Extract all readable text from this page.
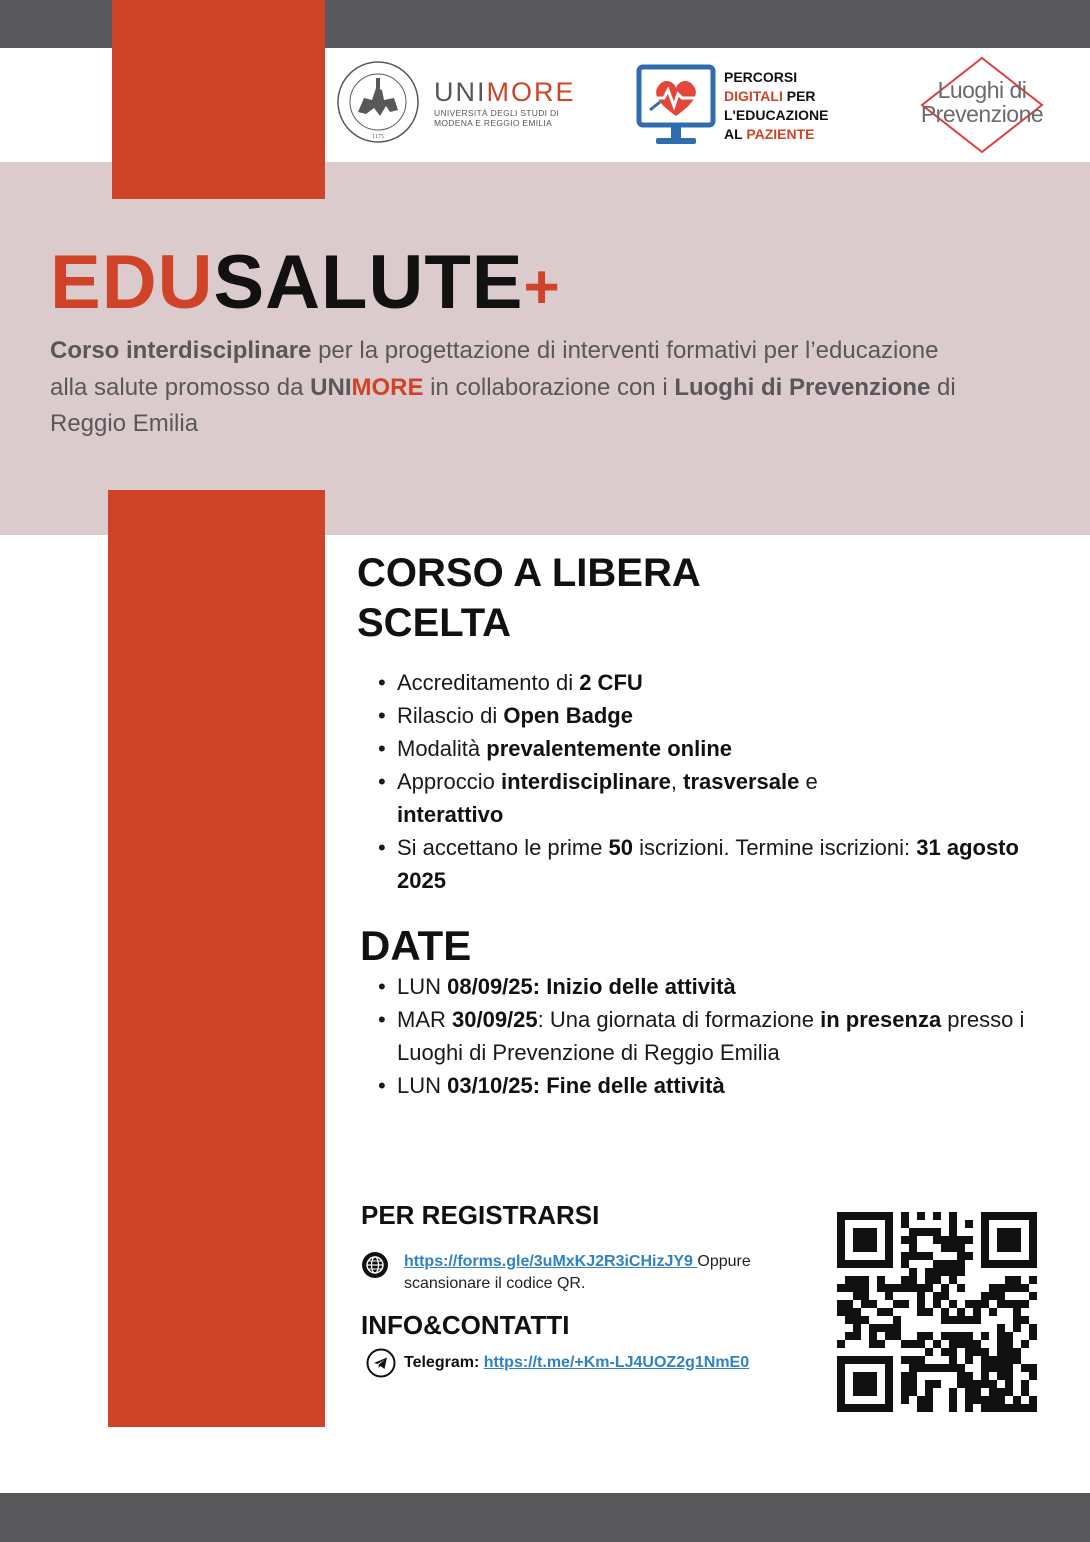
1175
UNIMORE
UNIVERSITÀ DEGLI STUDI DI
MODENA E REGGIO EMILIA
PERCORSI
DIGITALI PER
L'EDUCAZIONE
AL PAZIENTE
Luoghi di
Prevenzione
EDUSALUTE+
Corso interdisciplinare per la progettazione di interventi formativi per l’educazione alla salute promosso da UNIMORE in collaborazione con i Luoghi di Prevenzione di Reggio Emilia
CORSO A LIBERA
SCELTA
• Accreditamento di 2 CFU
• Rilascio di Open Badge
• Modalità prevalentemente online
• Approccio interdisciplinare, trasversale e
interattivo
• Si accettano le prime 50 iscrizioni. Termine iscrizioni: 31 agosto 2025
DATE
• LUN 08/09/25: Inizio delle attività
• MAR 30/09/25: Una giornata di formazione in presenza presso i Luoghi di Prevenzione di Reggio Emilia
• LUN 03/10/25: Fine delle attività
PER REGISTRARSI
https://forms.gle/3uMxKJ2R3iCHizJY9 Oppure scansionare il codice QR.
INFO&CONTATTI
Telegram: https://t.me/+Km-LJ4UOZ2g1NmE0
